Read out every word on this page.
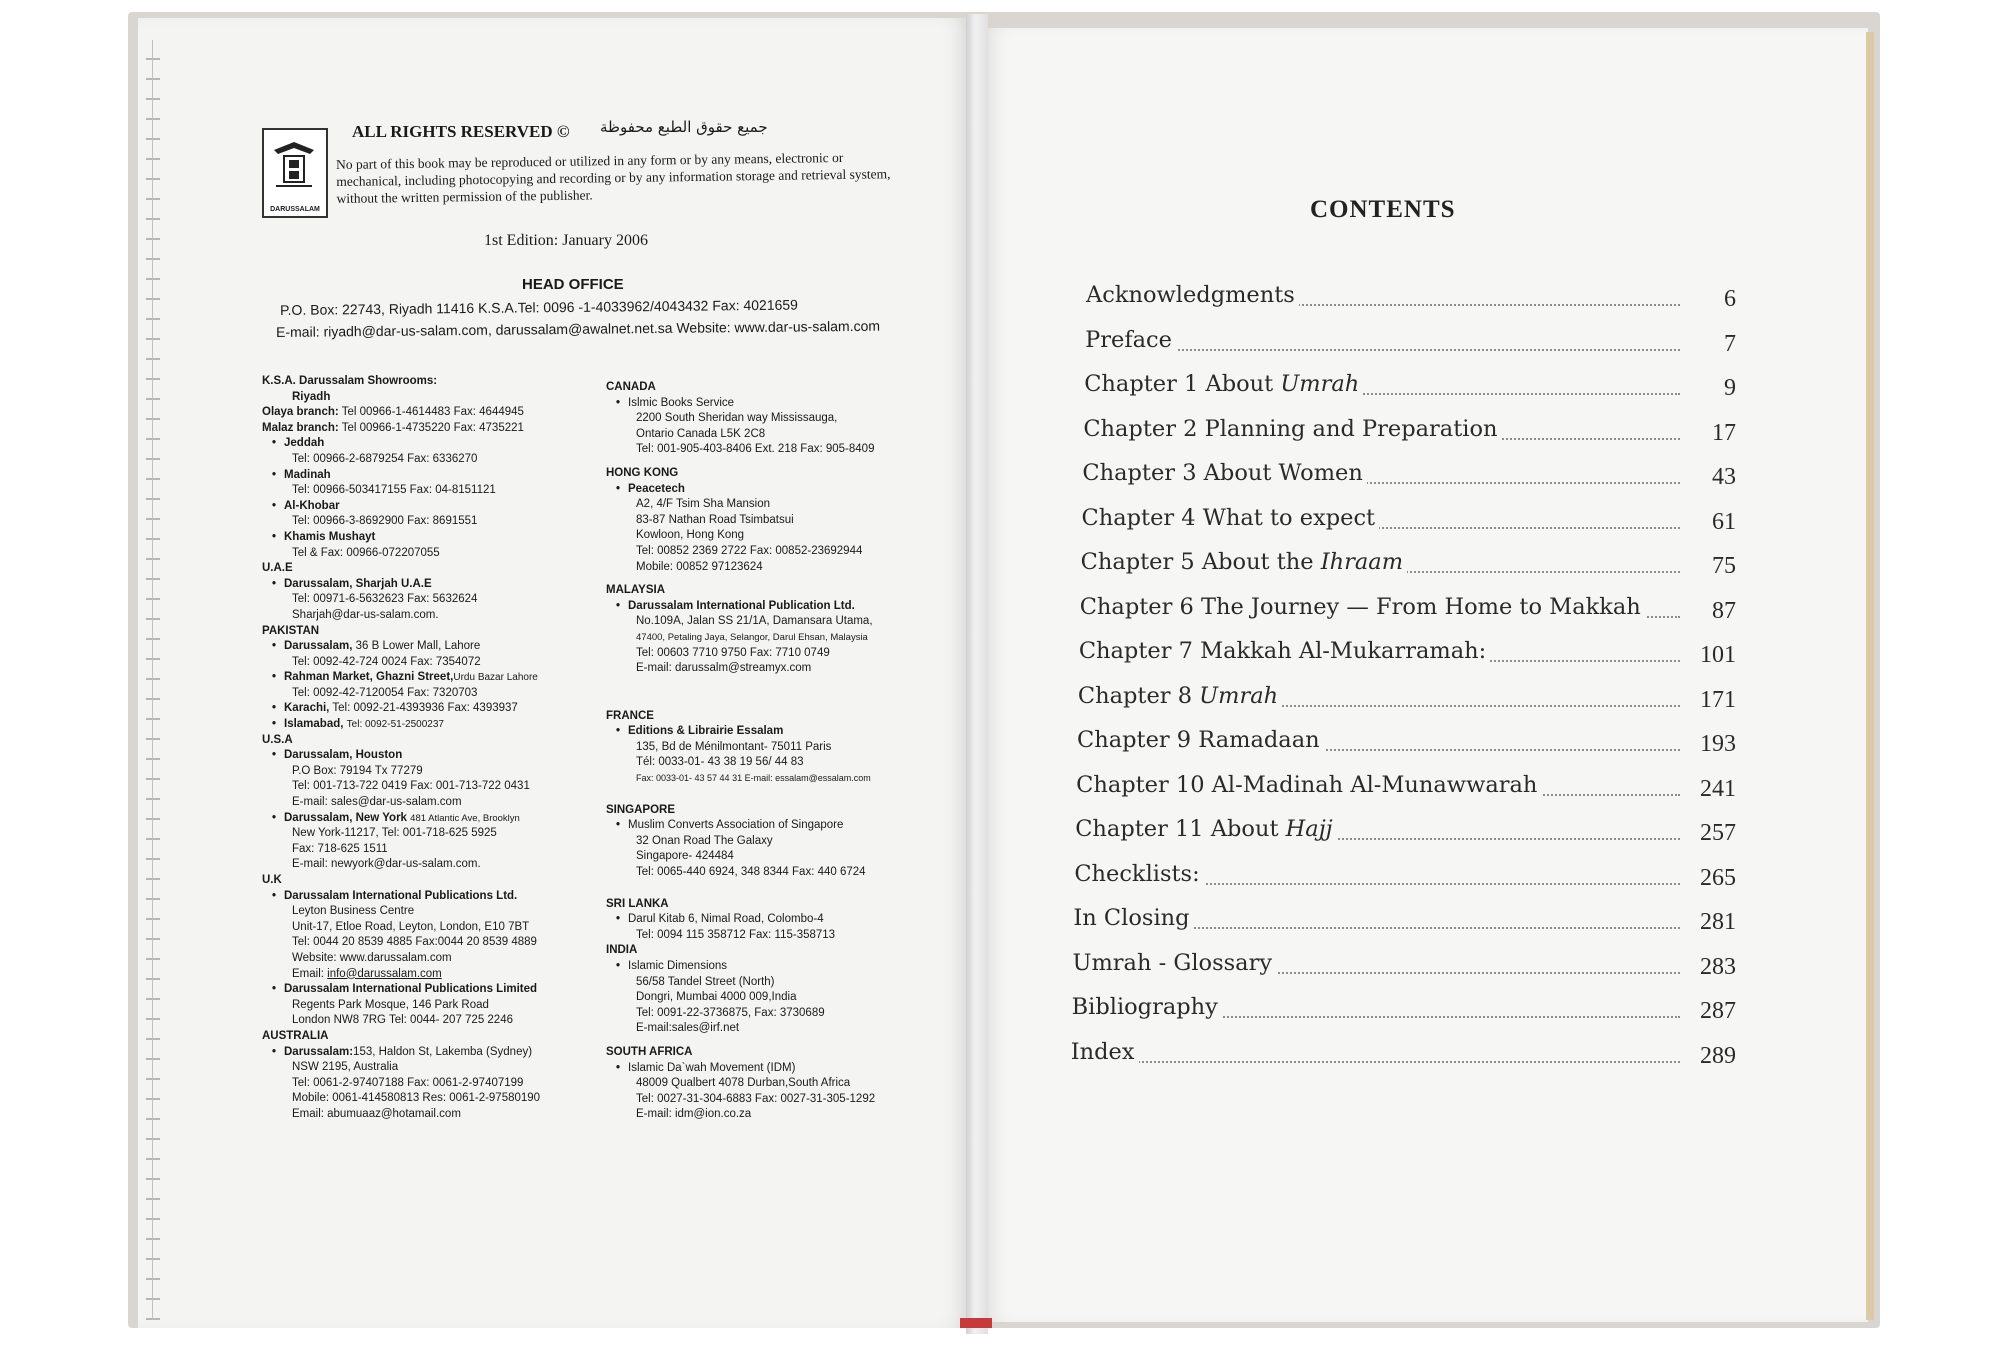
DARUSSALAM
ALL RIGHTS RESERVED © جميع حقوق الطبع محفوظة
No part of this book may be reproduced or utilized in any form or by any means, electronic or mechanical, including photocopying and recording or by any information storage and retrieval system, without the written permission of the publisher.
1st Edition: January 2006
HEAD OFFICE
P.O. Box: 22743, Riyadh 11416 K.S.A.Tel: 0096 -1-4033962/4043432 Fax: 4021659
E-mail: riyadh@dar-us-salam.com, darussalam@awalnet.net.sa Website: www.dar-us-salam.com
K.S.A. Darussalam Showrooms:
Riyadh
Olaya branch: Tel 00966-1-4614483 Fax: 4644945
Malaz branch: Tel 00966-1-4735220 Fax: 4735221
• Jeddah
Tel: 00966-2-6879254 Fax: 6336270
• Madinah
Tel: 00966-503417155 Fax: 04-8151121
• Al-Khobar
Tel: 00966-3-8692900 Fax: 8691551
• Khamis Mushayt
Tel & Fax: 00966-072207055
U.A.E
• Darussalam, Sharjah U.A.E
Tel: 00971-6-5632623 Fax: 5632624
Sharjah@dar-us-salam.com.
PAKISTAN
• Darussalam, 36 B Lower Mall, Lahore
Tel: 0092-42-724 0024 Fax: 7354072
• Rahman Market, Ghazni Street,Urdu Bazar Lahore
Tel: 0092-42-7120054 Fax: 7320703
• Karachi, Tel: 0092-21-4393936 Fax: 4393937
• Islamabad, Tel: 0092-51-2500237
U.S.A
• Darussalam, Houston
P.O Box: 79194 Tx 77279
Tel: 001-713-722 0419 Fax: 001-713-722 0431
E-mail: sales@dar-us-salam.com
• Darussalam, New York 481 Atlantic Ave, Brooklyn
New York-11217, Tel: 001-718-625 5925
Fax: 718-625 1511
E-mail: newyork@dar-us-salam.com.
U.K
• Darussalam International Publications Ltd.
Leyton Business Centre
Unit-17, Etloe Road, Leyton, London, E10 7BT
Tel: 0044 20 8539 4885 Fax:0044 20 8539 4889
Website: www.darussalam.com
Email: info@darussalam.com
• Darussalam International Publications Limited
Regents Park Mosque, 146 Park Road
London NW8 7RG Tel: 0044- 207 725 2246
AUSTRALIA
• Darussalam:153, Haldon St, Lakemba (Sydney)
NSW 2195, Australia
Tel: 0061-2-97407188 Fax: 0061-2-97407199
Mobile: 0061-414580813 Res: 0061-2-97580190
Email: abumuaaz@hotamail.com
CANADA
• Islmic Books Service
2200 South Sheridan way Mississauga,
Ontario Canada L5K 2C8
Tel: 001-905-403-8406 Ext. 218 Fax: 905-8409
HONG KONG
• Peacetech
A2, 4/F Tsim Sha Mansion
83-87 Nathan Road Tsimbatsui
Kowloon, Hong Kong
Tel: 00852 2369 2722 Fax: 00852-23692944
Mobile: 00852 97123624
MALAYSIA
• Darussalam International Publication Ltd.
No.109A, Jalan SS 21/1A, Damansara Utama,
47400, Petaling Jaya, Selangor, Darul Ehsan, Malaysia
Tel: 00603 7710 9750 Fax: 7710 0749
E-mail: darussalm@streamyx.com
FRANCE
• Editions & Librairie Essalam
135, Bd de Ménilmontant- 75011 Paris
Tél: 0033-01- 43 38 19 56/ 44 83
Fax: 0033-01- 43 57 44 31 E-mail: essalam@essalam.com
SINGAPORE
• Muslim Converts Association of Singapore
32 Onan Road The Galaxy
Singapore- 424484
Tel: 0065-440 6924, 348 8344 Fax: 440 6724
SRI LANKA
• Darul Kitab 6, Nimal Road, Colombo-4
Tel: 0094 115 358712 Fax: 115-358713
INDIA
• Islamic Dimensions
56/58 Tandel Street (North)
Dongri, Mumbai 4000 009,India
Tel: 0091-22-3736875, Fax: 3730689
E-mail:sales@irf.net
SOUTH AFRICA
• Islamic Da`wah Movement (IDM)
48009 Qualbert 4078 Durban,South Africa
Tel: 0027-31-304-6883 Fax: 0027-31-305-1292
E-mail: idm@ion.co.za
CONTENTS
Acknowledgments	6
Preface	7
Chapter 1 About Umrah	9
Chapter 2 Planning and Preparation	17
Chapter 3 About Women	43
Chapter 4 What to expect	61
Chapter 5 About the Ihraam	75
Chapter 6 The Journey — From Home to Makkah	87
Chapter 7 Makkah Al-Mukarramah:	101
Chapter 8 Umrah	171
Chapter 9 Ramadaan	193
Chapter 10 Al-Madinah Al-Munawwarah	241
Chapter 11 About Hajj	257
Checklists:	265
In Closing	281
Umrah - Glossary	283
Bibliography	287
Index	289
